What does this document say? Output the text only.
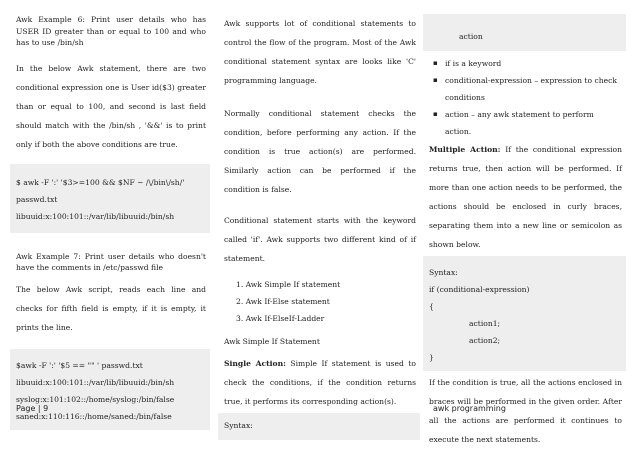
Awk Example 6: Print user details who has USER ID greater than or equal to 100 and who has to use /bin/sh

In the below Awk statement, there are two conditional expression one is User id($3) greater than or equal to 100, and second is last field should match with the /bin/sh , '&&' is to print only if both the above conditions are true.

$ awk -F ':' '$3>=100 && $NF ~ /\/bin\/sh/' passwd.txt
libuuid:x:100:101::/var/lib/libuuid:/bin/sh

Awk Example 7: Print user details who doesn't have the comments in /etc/passwd file

The below Awk script, reads each line and checks for fifth field is empty, if it is empty, it prints the line.

$awk -F ':' '$5 == "" ' passwd.txt
libuuid:x:100:101::/var/lib/libuuid:/bin/sh
syslog:x:101:102::/home/syslog:/bin/false
saned:x:110:116::/home/saned:/bin/false

Awk supports lot of conditional statements to control the flow of the program. Most of the Awk conditional statement syntax are looks like 'C' programming language.

Normally conditional statement checks the condition, before performing any action. If the condition is true action(s) are performed. Similarly action can be performed if the condition is false.

Conditional statement starts with the keyword called 'if'. Awk supports two different kind of if statement.

1. Awk Simple If statement
2. Awk If-Else statement
3. Awk If-ElseIf-Ladder

Awk Simple If Statement

Single Action: Simple If statement is used to check the conditions, if the condition returns true, it performs its corresponding action(s).

Syntax:
action
▪ if is a keyword
▪ conditional-expression – expression to check conditions
▪ action – any awk statement to perform action.

Multiple Action: If the conditional expression returns true, then action will be performed. If more than one action needs to be performed, the actions should be enclosed in curly braces, separating them into a new line or semicolon as shown below.

Syntax:
if (conditional-expression)
{
action1;
action2;
}

If the condition is true, all the actions enclosed in braces will be performed in the given order. After all the actions are performed it continues to execute the next statements.

Page | 9	awk programming
